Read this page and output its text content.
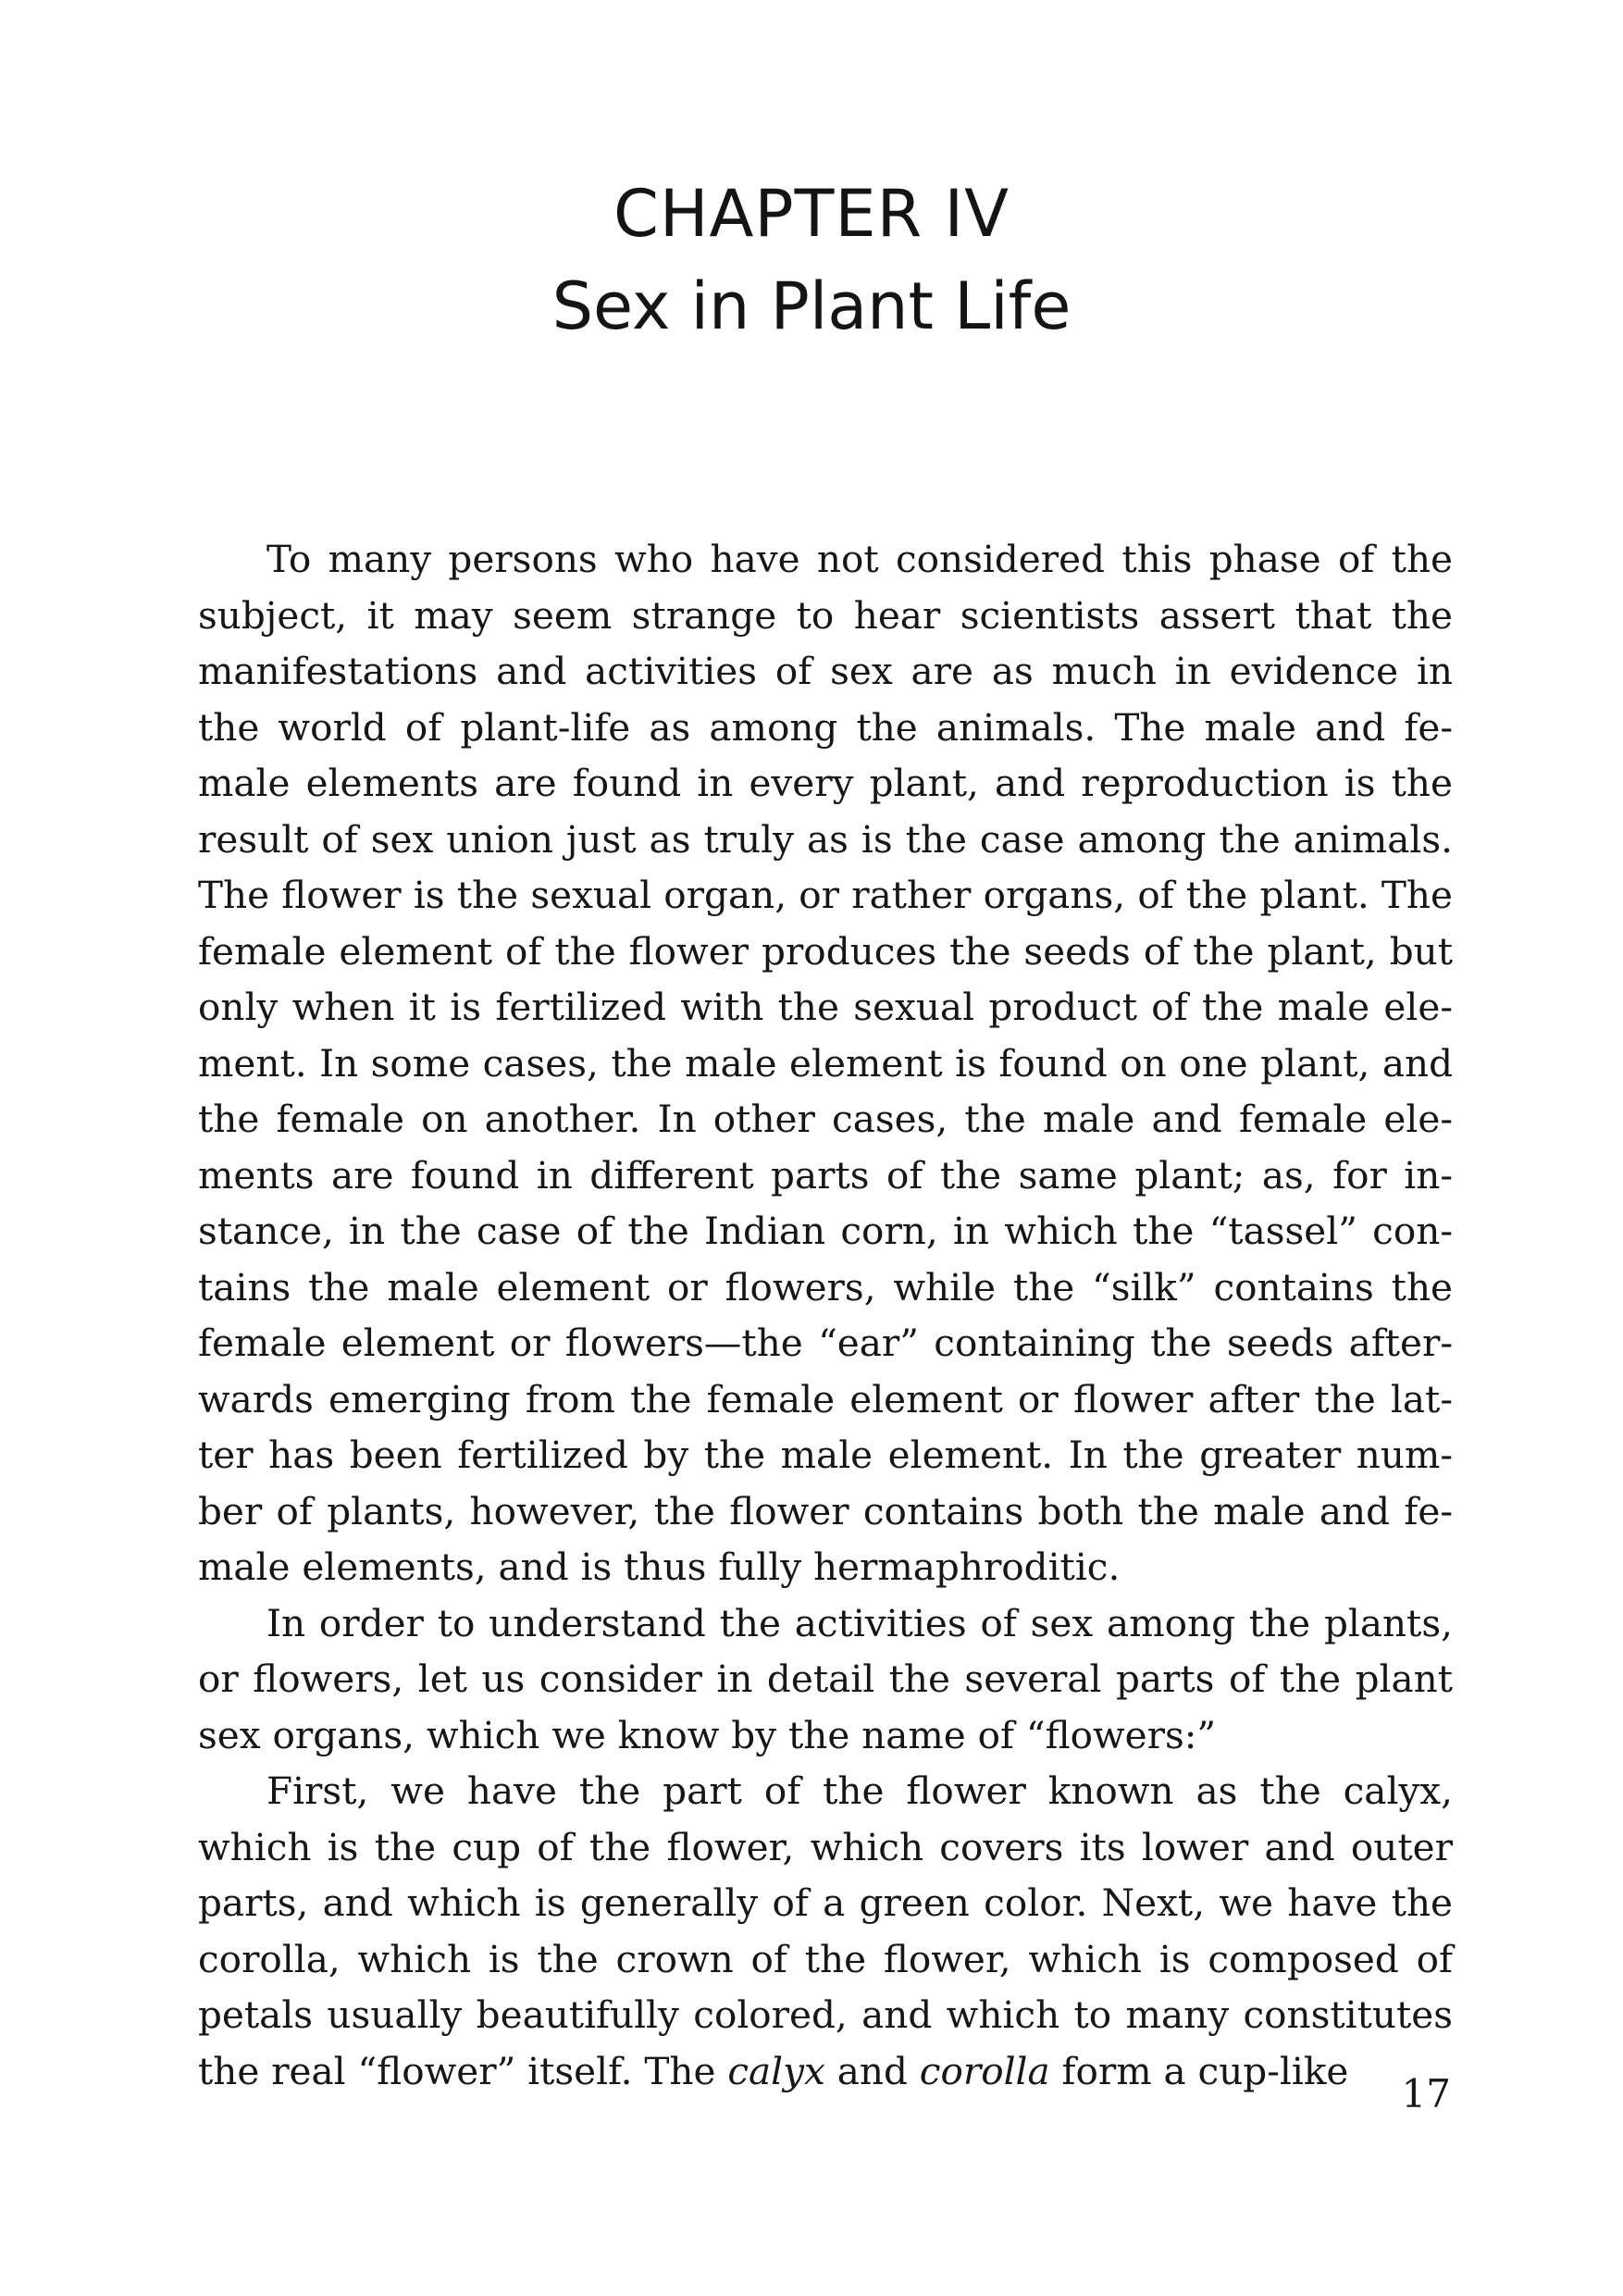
CHAPTER IV
Sex in Plant Life

To many persons who have not considered this phase of the subject, it may seem strange to hear scientists assert that the manifestations and activities of sex are as much in evidence in the world of plant-life as among the animals. The male and female elements are found in every plant, and reproduction is the result of sex union just as truly as is the case among the animals. The flower is the sexual organ, or rather organs, of the plant. The female element of the flower produces the seeds of the plant, but only when it is fertilized with the sexual product of the male element. In some cases, the male element is found on one plant, and the female on another. In other cases, the male and female elements are found in different parts of the same plant; as, for instance, in the case of the Indian corn, in which the “tassel” contains the male element or flowers, while the “silk” contains the female element or flowers—the “ear” containing the seeds afterwards emerging from the female element or flower after the latter has been fertilized by the male element. In the greater number of plants, however, the flower contains both the male and female elements, and is thus fully hermaphroditic.

In order to understand the activities of sex among the plants, or flowers, let us consider in detail the several parts of the plant sex organs, which we know by the name of “flowers:”

First, we have the part of the flower known as the calyx, which is the cup of the flower, which covers its lower and outer parts, and which is generally of a green color. Next, we have the corolla, which is the crown of the flower, which is composed of petals usually beautifully colored, and which to many constitutes the real “flower” itself. The calyx and corolla form a cup-like

17
